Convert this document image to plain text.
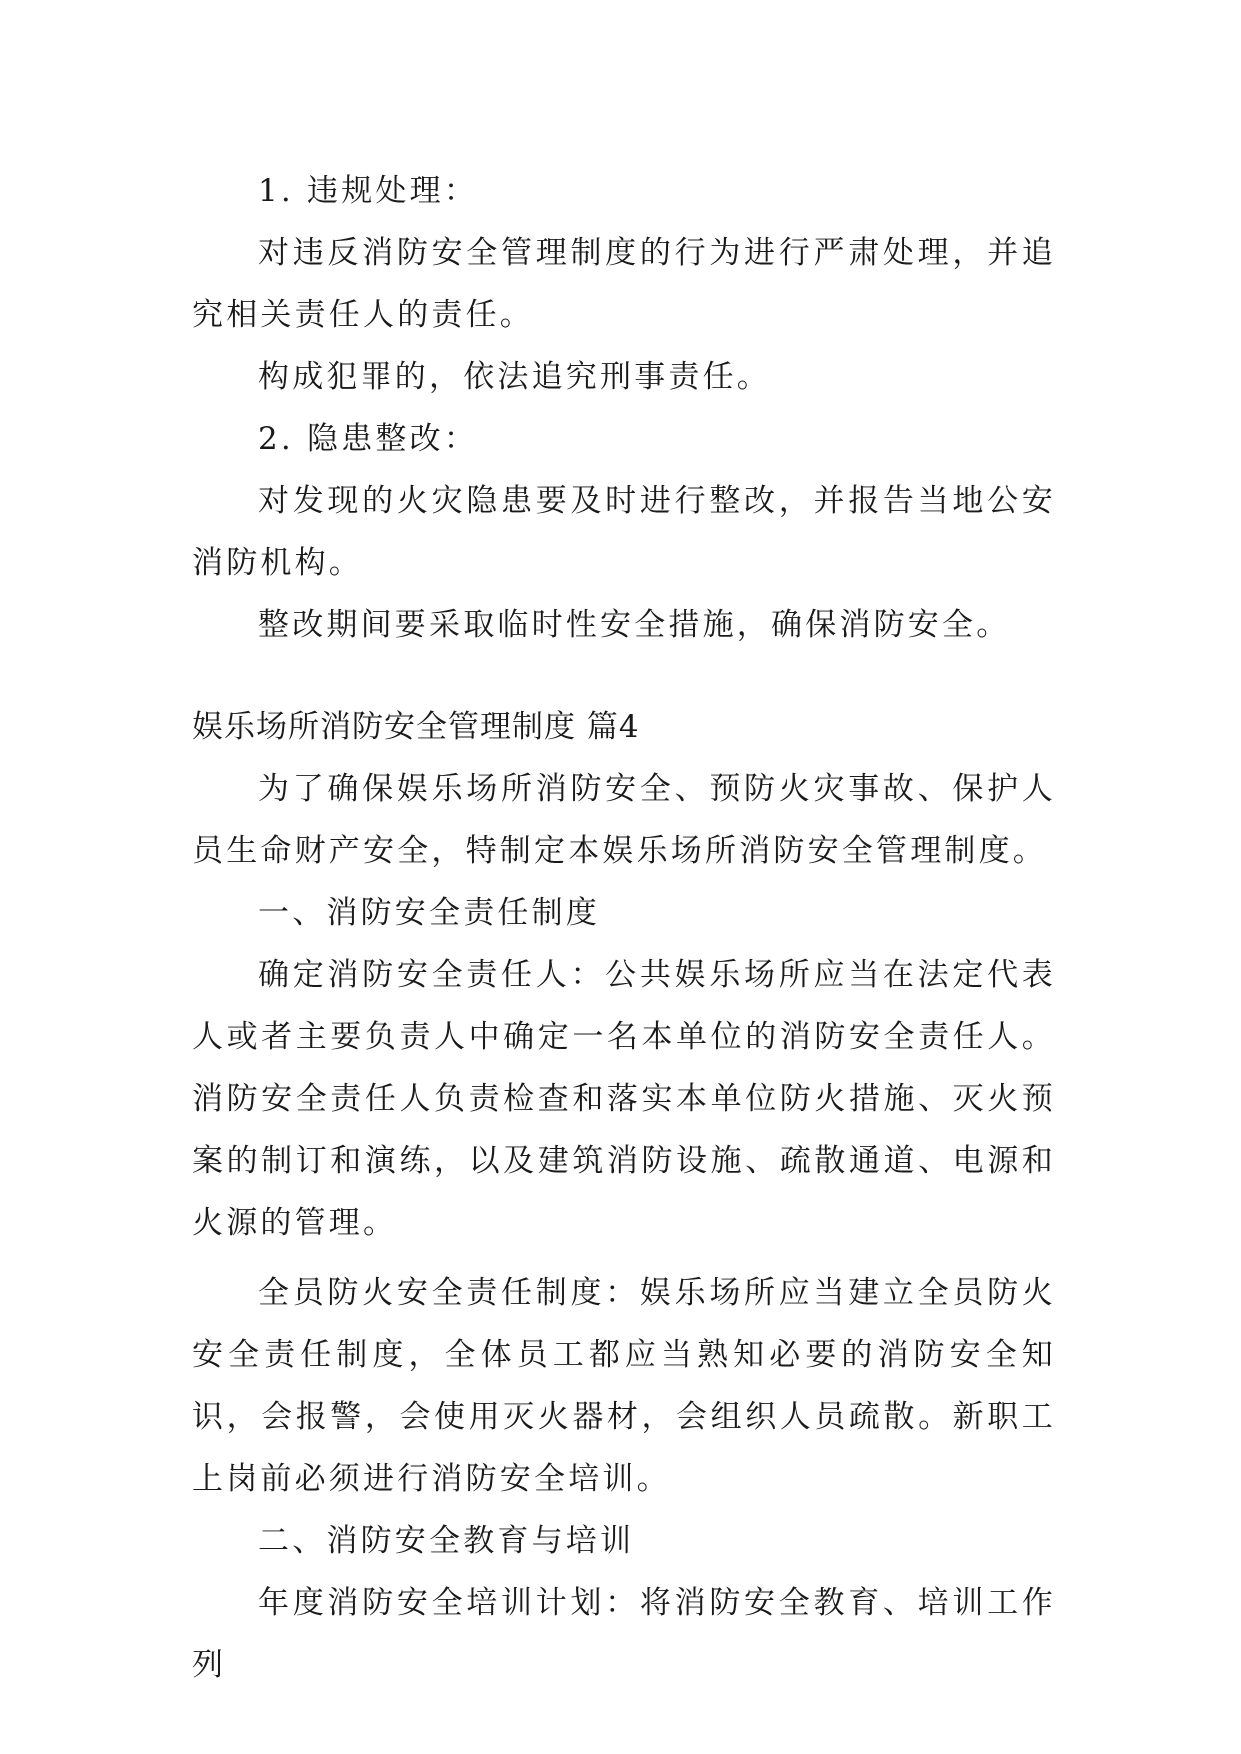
1. 违规处理：

对违反消防安全管理制度的行为进行严肃处理，并追究相关责任人的责任。

构成犯罪的，依法追究刑事责任。

2. 隐患整改：

对发现的火灾隐患要及时进行整改，并报告当地公安消防机构。

整改期间要采取临时性安全措施，确保消防安全。

娱乐场所消防安全管理制度 篇4

为了确保娱乐场所消防安全、预防火灾事故、保护人员生命财产安全，特制定本娱乐场所消防安全管理制度。

一、消防安全责任制度

确定消防安全责任人：公共娱乐场所应当在法定代表人或者主要负责人中确定一名本单位的消防安全责任人。消防安全责任人负责检查和落实本单位防火措施、灭火预案的制订和演练，以及建筑消防设施、疏散通道、电源和火源的管理。

全员防火安全责任制度：娱乐场所应当建立全员防火安全责任制度，全体员工都应当熟知必要的消防安全知识，会报警，会使用灭火器材，会组织人员疏散。新职工上岗前必须进行消防安全培训。

二、消防安全教育与培训

年度消防安全培训计划：将消防安全教育、培训工作列
